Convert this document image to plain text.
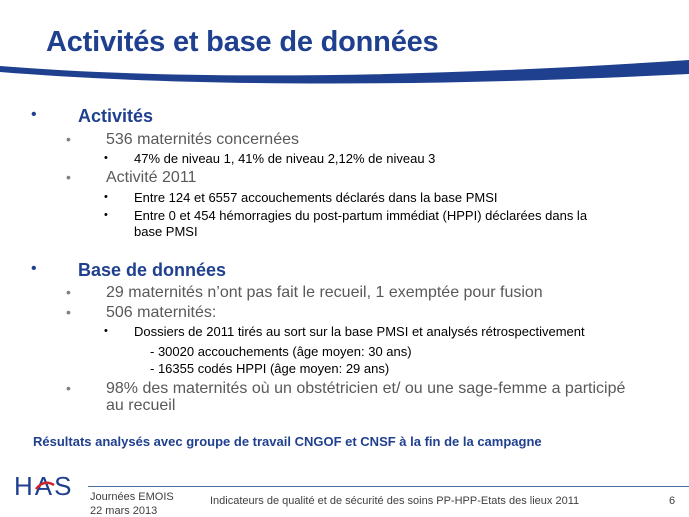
Activités et base de données
• Activités
• 536 maternités concernées
• 47% de niveau 1, 41% de niveau 2,12% de niveau 3
• Activité 2011
• Entre 124 et 6557 accouchements déclarés dans la base PMSI
• Entre 0 et 454 hémorragies du post-partum immédiat (HPPI) déclarées dans la
base PMSI
• Base de données
• 29 maternités n’ont pas fait le recueil, 1 exemptée pour fusion
• 506 maternités:
• Dossiers de 2011 tirés au sort sur la base PMSI et analysés rétrospectivement
- 30020 accouchements (âge moyen: 30 ans)
- 16355 codés HPPI (âge moyen: 29 ans)
• 98% des maternités où un obstétricien et/ ou une sage-femme a participé
au recueil
Résultats analysés avec groupe de travail CNGOF et CNSF à la fin de la campagne
HAS Journées EMOIS
22 mars 2013
Indicateurs de qualité et de sécurité des soins PP-HPP-Etats des lieux 2011	6
